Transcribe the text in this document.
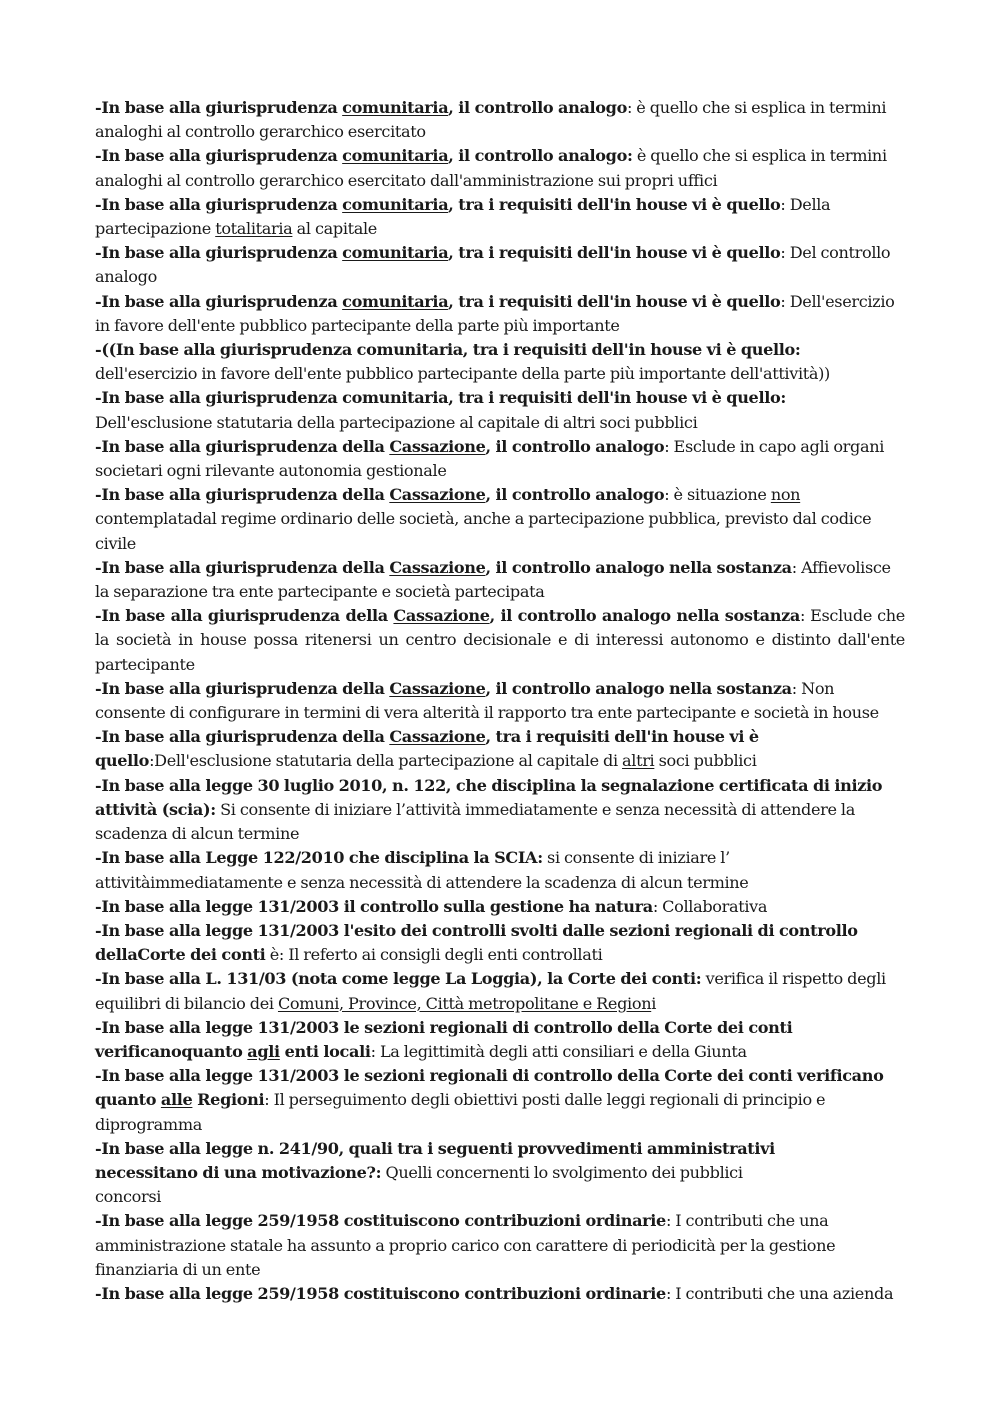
-In base alla giurisprudenza comunitaria, il controllo analogo: è quello che si esplica in termini analoghi al controllo gerarchico esercitato

-In base alla giurisprudenza comunitaria, il controllo analogo: è quello che si esplica in termini analoghi al controllo gerarchico esercitato dall'amministrazione sui propri uffici

-In base alla giurisprudenza comunitaria, tra i requisiti dell'in house vi è quello: Della partecipazione totalitaria al capitale

-In base alla giurisprudenza comunitaria, tra i requisiti dell'in house vi è quello: Del controllo analogo

-In base alla giurisprudenza comunitaria, tra i requisiti dell'in house vi è quello: Dell'esercizio in favore dell'ente pubblico partecipante della parte più importante

-((In base alla giurisprudenza comunitaria, tra i requisiti dell'in house vi è quello: dell'esercizio in favore dell'ente pubblico partecipante della parte più importante dell'attività))

-In base alla giurisprudenza comunitaria, tra i requisiti dell'in house vi è quello: Dell'esclusione statutaria della partecipazione al capitale di altri soci pubblici

-In base alla giurisprudenza della Cassazione, il controllo analogo: Esclude in capo agli organi societari ogni rilevante autonomia gestionale

-In base alla giurisprudenza della Cassazione, il controllo analogo: è situazione non contemplatadal regime ordinario delle società, anche a partecipazione pubblica, previsto dal codice civile

-In base alla giurisprudenza della Cassazione, il controllo analogo nella sostanza: Affievolisce la separazione tra ente partecipante e società partecipata

-In base alla giurisprudenza della Cassazione, il controllo analogo nella sostanza: Esclude che la società in house possa ritenersi un centro decisionale e di interessi autonomo e distinto dall'ente partecipante

-In base alla giurisprudenza della Cassazione, il controllo analogo nella sostanza: Non consente di configurare in termini di vera alterità il rapporto tra ente partecipante e società in house

-In base alla giurisprudenza della Cassazione, tra i requisiti dell'in house vi è quello:Dell'esclusione statutaria della partecipazione al capitale di altri soci pubblici

-In base alla legge 30 luglio 2010, n. 122, che disciplina la segnalazione certificata di inizio attività (scia): Si consente di iniziare l’attività immediatamente e senza necessità di attendere la scadenza di alcun termine

-In base alla Legge 122/2010 che disciplina la SCIA: si consente di iniziare l’ attivitàimmediatamente e senza necessità di attendere la scadenza di alcun termine

-In base alla legge 131/2003 il controllo sulla gestione ha natura: Collaborativa

-In base alla legge 131/2003 l'esito dei controlli svolti dalle sezioni regionali di controllo dellaCorte dei conti è: Il referto ai consigli degli enti controllati

-In base alla L. 131/03 (nota come legge La Loggia), la Corte dei conti: verifica il rispetto degli equilibri di bilancio dei Comuni, Province, Città metropolitane e Regioni

-In base alla legge 131/2003 le sezioni regionali di controllo della Corte dei conti verificanoquanto agli enti locali: La legittimità degli atti consiliari e della Giunta

-In base alla legge 131/2003 le sezioni regionali di controllo della Corte dei conti verificano quanto alle Regioni: Il perseguimento degli obiettivi posti dalle leggi regionali di principio e diprogramma

-In base alla legge n. 241/90, quali tra i seguenti provvedimenti amministrativi
necessitano di una motivazione?: Quelli concernenti lo svolgimento dei pubblici
concorsi

-In base alla legge 259/1958 costituiscono contribuzioni ordinarie: I contributi che una amministrazione statale ha assunto a proprio carico con carattere di periodicità per la gestione finanziaria di un ente

-In base alla legge 259/1958 costituiscono contribuzioni ordinarie: I contributi che una azienda
